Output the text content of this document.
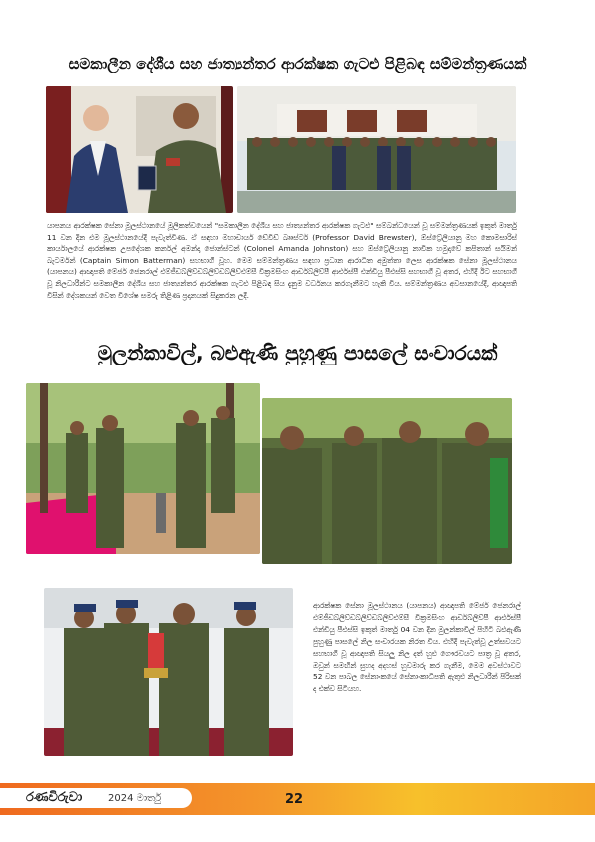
සමකාලීන දේශීය සහ ජාත්‍යන්තර ආරක්ෂක ගැටළු පිළිබඳ සම්මන්ත්‍රණයක්
යාපනය ආරක්ෂක සේනා මූලස්ථානයේ මූලිකත්වයෙන් "සමකාලීන දේශීය සහ ජාත්‍යන්තර ආරක්ෂක ගැටළු" සම්බන්ධයෙන් වූ සම්මන්ත්‍රණයක් ඉකුත් මාර්තු 11 වන දින එම මූලස්ථානයේදී පැවැත්විණ. ඒ සඳහා මහාචාර්ය ඩේවිඩ් බෲස්ටර් (Professor David Brewster), ඕස්ට්‍රේලියානු මහ කොමසාරිස් කාර්යාලයේ ආරක්ෂක උපදේශක කර්නල් අමන්දා ජොන්ස්ටන් (Colonel Amanda Johnston) සහ ඕස්ට්‍රේලියානු නාවික හමුදාවේ කපිතාන් සයිමන් බැටර්මන් (Captain Simon Batterman) සහභාගී වූහ. මෙම සම්මන්ත්‍රණය සඳහා ප්‍රධාන ආරාධිත අමුත්තා ලෙස ආරක්ෂක සේනා මූලස්ථානය (යාපනය) ආඥාපති මේජර් ජෙනරාල් එම්ජීඩබ්ලිව්ඩබ්ලිව්ඩබ්ලිව්එම්සී වික්‍රමසිංහ ආර්ඩබ්ලිව්පී ආර්එස්පී එන්ඩියු පීඑස්සි සහභාගී වූ අතර, එහිදී ඊට සහභාගී වූ නිලධාරීන්ට සමකාලීන දේශීය සහ ජාත්‍යන්තර ආරක්ෂක ගැටළු පිළිබඳ සිය දැනුම වර්ධනය කරගැනීමට හැකි විය. සම්මන්ත්‍රණය අවසානයේදී, ආඥාපති විසින් දේශකයන් වෙත විශේෂ සමරු තිළිණ ප්‍රදානයක් සිදුකරන ලදී.
මුලන්කාවිල්, බළුඇණි පුහුණු පාසලේ සංචාරයක්
ආරක්ෂක සේනා මූලස්ථානය (යාපනය) ආඥාපති මේජර් ජෙනරාල් එම්ජීඩබ්ලිව්ඩබ්ලිව්ඩබ්ලිව්එම්සී වික්‍රමසිංහ ආර්ඩබ්ලිව්පී ආර්එස්පී එන්ඩියු පීඑස්සි ඉකුත් මාර්තු 04 වන දින මුලන්කාවිල් පිහිටි බළුඇණි පුහුණු පාසලේ නිල සංචාරයක නිරත විය. එහිදී පැවැත්වූ උත්සවයට සහභාගී වූ ආඥාපති සියලු නිල දත් හුළු ගෞරවයට පාත්‍ර වූ අතර, ඔවුන් සමඟින් සුහද අදහස් හුවමාරු කර ගැනීම, මෙම අවස්ථාවට 52 වන පාබල සේනාංකයේ සේනාංකාධිපති ඇතුළු නිලධාරීන් පිරිසක් ද එක්ව සිටියහ.
රණවිරුවා	2024 මාර්තු	22
